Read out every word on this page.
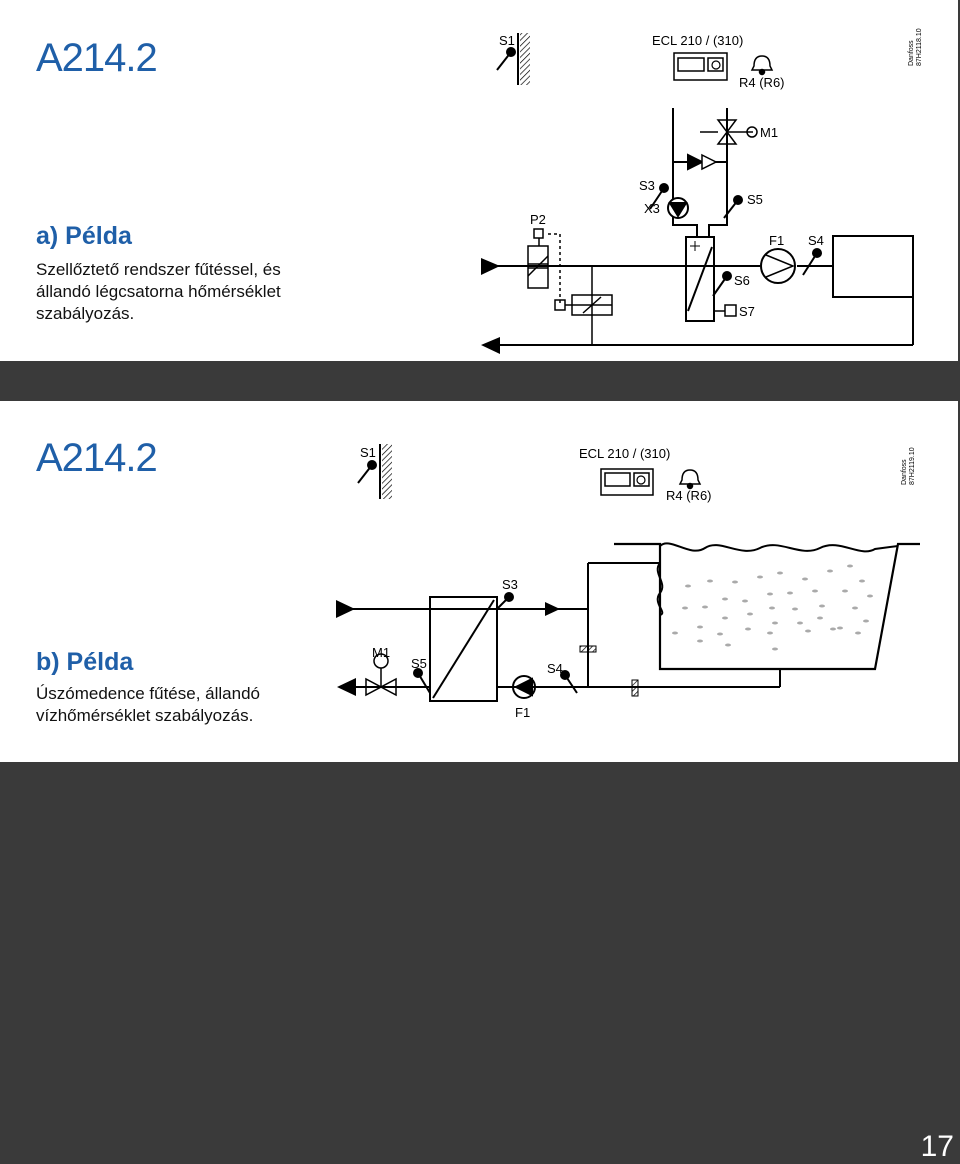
A214.2
a) Példa
Szellőztető rendszer fűtéssel, és
állandó légcsatorna hőmérséklet
szabályozás.
S1	ECL 210 / (310)
R4 (R6)
M1
S3
X3
S5
P2
F1 S4
S6
S7
Danfoss 87H2118.10
A214.2
b) Példa
Úszómedence fűtése, állandó
vízhőmérséklet szabályozás.
S1	ECL 210 / (310)
R4 (R6)
S3
M1
S5	S4
F1
Danfoss 87H2119.10
17
